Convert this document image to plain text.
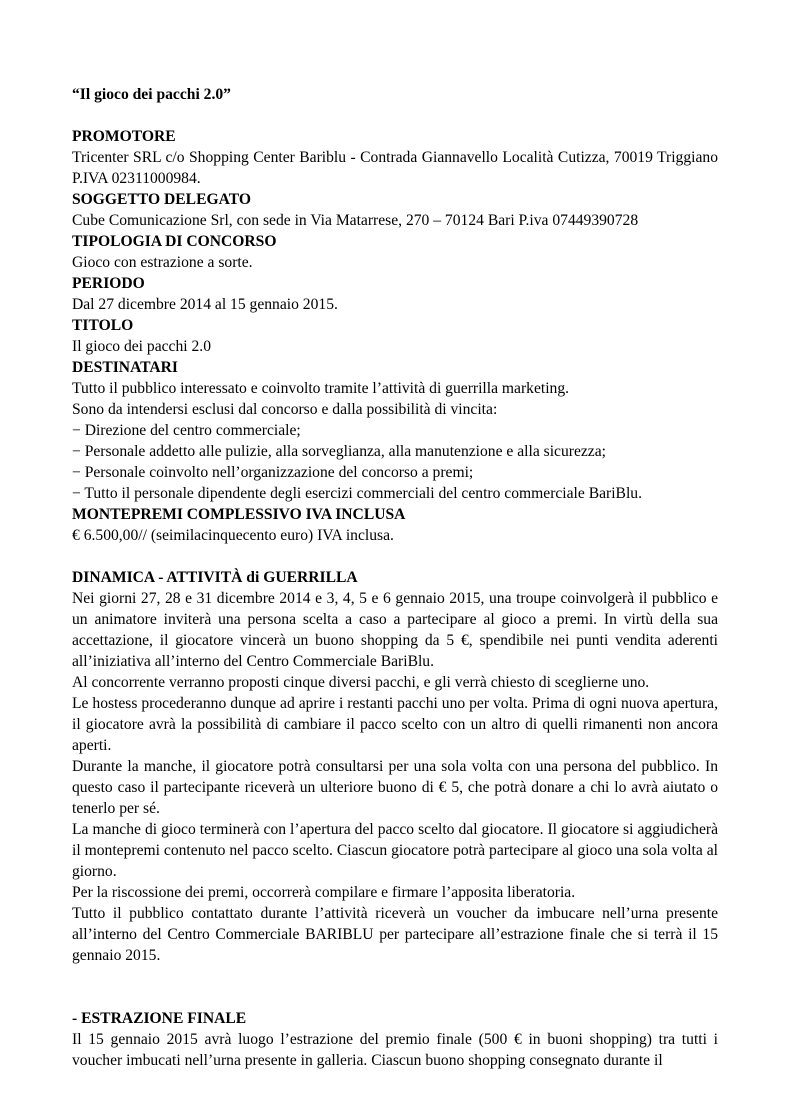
“Il gioco dei pacchi 2.0”
PROMOTORE
Tricenter SRL c/o Shopping Center Bariblu - Contrada Giannavello Località Cutizza, 70019 Triggiano P.IVA 02311000984.
SOGGETTO DELEGATO
Cube Comunicazione Srl, con sede in Via Matarrese, 270 – 70124 Bari P.iva 07449390728
TIPOLOGIA DI CONCORSO
Gioco con estrazione a sorte.
PERIODO
Dal 27 dicembre 2014 al 15 gennaio 2015.
TITOLO
Il gioco dei pacchi 2.0
DESTINATARI
Tutto il pubblico interessato e coinvolto tramite l’attività di guerrilla marketing.
Sono da intendersi esclusi dal concorso e dalla possibilità di vincita:
− Direzione del centro commerciale;
− Personale addetto alle pulizie, alla sorveglianza, alla manutenzione e alla sicurezza;
− Personale coinvolto nell’organizzazione del concorso a premi;
− Tutto il personale dipendente degli esercizi commerciali del centro commerciale BariBlu.
MONTEPREMI COMPLESSIVO IVA INCLUSA
€ 6.500,00// (seimilacinquecento euro) IVA inclusa.
DINAMICA - ATTIVITÀ di GUERRILLA
Nei giorni 27, 28 e 31 dicembre 2014 e 3, 4, 5 e 6 gennaio 2015, una troupe coinvolgerà il pubblico e un animatore inviterà una persona scelta a caso a partecipare al gioco a premi. In virtù della sua accettazione, il giocatore vincerà un buono shopping da 5 €, spendibile nei punti vendita aderenti all’iniziativa all’interno del Centro Commerciale BariBlu.
Al concorrente verranno proposti cinque diversi pacchi, e gli verrà chiesto di sceglierne uno.
Le hostess procederanno dunque ad aprire i restanti pacchi uno per volta. Prima di ogni nuova apertura, il giocatore avrà la possibilità di cambiare il pacco scelto con un altro di quelli rimanenti non ancora aperti.
Durante la manche, il giocatore potrà consultarsi per una sola volta con una persona del pubblico. In questo caso il partecipante riceverà un ulteriore buono di € 5, che potrà donare a chi lo avrà aiutato o tenerlo per sé.
La manche di gioco terminerà con l’apertura del pacco scelto dal giocatore. Il giocatore si aggiudicherà il montepremi contenuto nel pacco scelto. Ciascun giocatore potrà partecipare al gioco una sola volta al giorno.
Per la riscossione dei premi, occorrerà compilare e firmare l’apposita liberatoria.
Tutto il pubblico contattato durante l’attività riceverà un voucher da imbucare nell’urna presente all’interno del Centro Commerciale BARIBLU per partecipare all’estrazione finale che si terrà il 15 gennaio 2015.
- ESTRAZIONE FINALE
Il 15 gennaio 2015 avrà luogo l’estrazione del premio finale (500 € in buoni shopping) tra tutti i voucher imbucati nell’urna presente in galleria. Ciascun buono shopping consegnato durante il
